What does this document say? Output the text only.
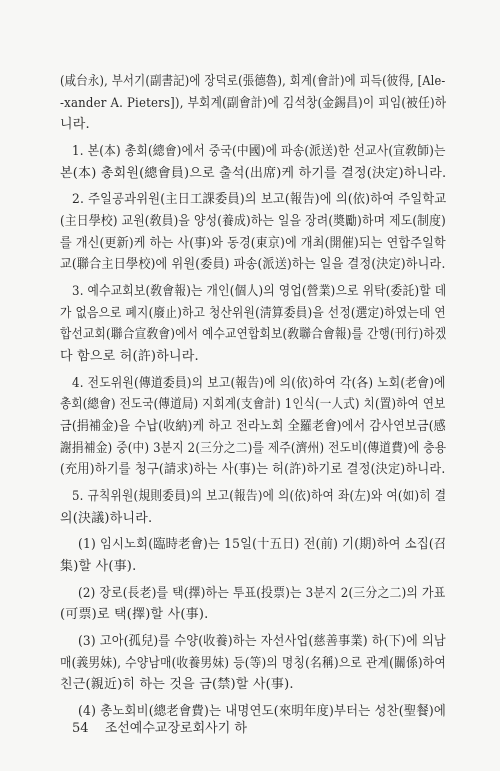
(咸台永), 부서기(副書記)에 장덕로(張德魯), 회계(會計)에 피득(彼得, [Ale-
-xander A. Pieters]), 부회계(副會計)에 김석창(金錫昌)이 피임(被任)하
니라.
1. 본(本) 총회(總會)에서 중국(中國)에 파송(派送)한 선교사(宣敎師)는
본(本) 총회원(總會員)으로 출석(出席)케 하기를 결정(決定)하니라.
2. 주일공과위원(主日工課委員)의 보고(報告)에 의(依)하여 주일학교
(主日學校) 교원(敎員)을 양성(養成)하는 일을 장려(奬勵)하며 제도(制度)
를 개신(更新)케 하는 사(事)와 동경(東京)에 개최(開催)되는 연합주일학
교(聯合主日學校)에 위원(委員) 파송(派送)하는 일을 결정(決定)하니라.
3. 예수교회보(敎會報)는 개인(個人)의 영업(營業)으로 위탁(委託)할 데
가 없음으로 폐지(廢止)하고 청산위원(淸算委員)을 선정(選定)하였는데 연
합선교회(聯合宣敎會)에서 예수교연합회보(敎聯合會報)를 간행(刊行)하겠
다 함으로 허(許)하니라.
4. 전도위원(傳道委員)의 보고(報告)에 의(依)하여 각(各) 노회(老會)에
총회(總會) 전도국(傳道局) 지회계(支會計) 1인식(一人式) 치(置)하여 연보
금(捐補金)을 수납(收納)케 하고 전라노회 全羅老會)에서 감사연보금(感
謝捐補金) 중(中) 3분지 2(三分之二)를 제주(濟州) 전도비(傳道費)에 충용
(充用)하기를 청구(請求)하는 사(事)는 허(許)하기로 결정(決定)하니라.
5. 규칙위원(規則委員)의 보고(報告)에 의(依)하여 좌(左)와 여(如)히 결
의(決議)하니라.
(1) 임시노회(臨時老會)는 15일(十五日) 전(前) 기(期)하여 소집(召
集)할 사(事).
(2) 장로(長老)를 택(擇)하는 투표(投票)는 3분지 2(三分之二)의 가표
(可票)로 택(擇)할 사(事).
(3) 고아(孤兒)를 수양(收養)하는 자선사업(慈善事業) 하(下)에 의남
매(義男妹), 수양남매(收養男妹) 등(等)의 명칭(名稱)으로 관계(關係)하여
친근(親近)히 하는 것을 금(禁)할 사(事).
(4) 총노회비(總老會費)는 내명연도(來明年度)부터는 성찬(聖餐)에
54 조선예수교장로회사기 하
